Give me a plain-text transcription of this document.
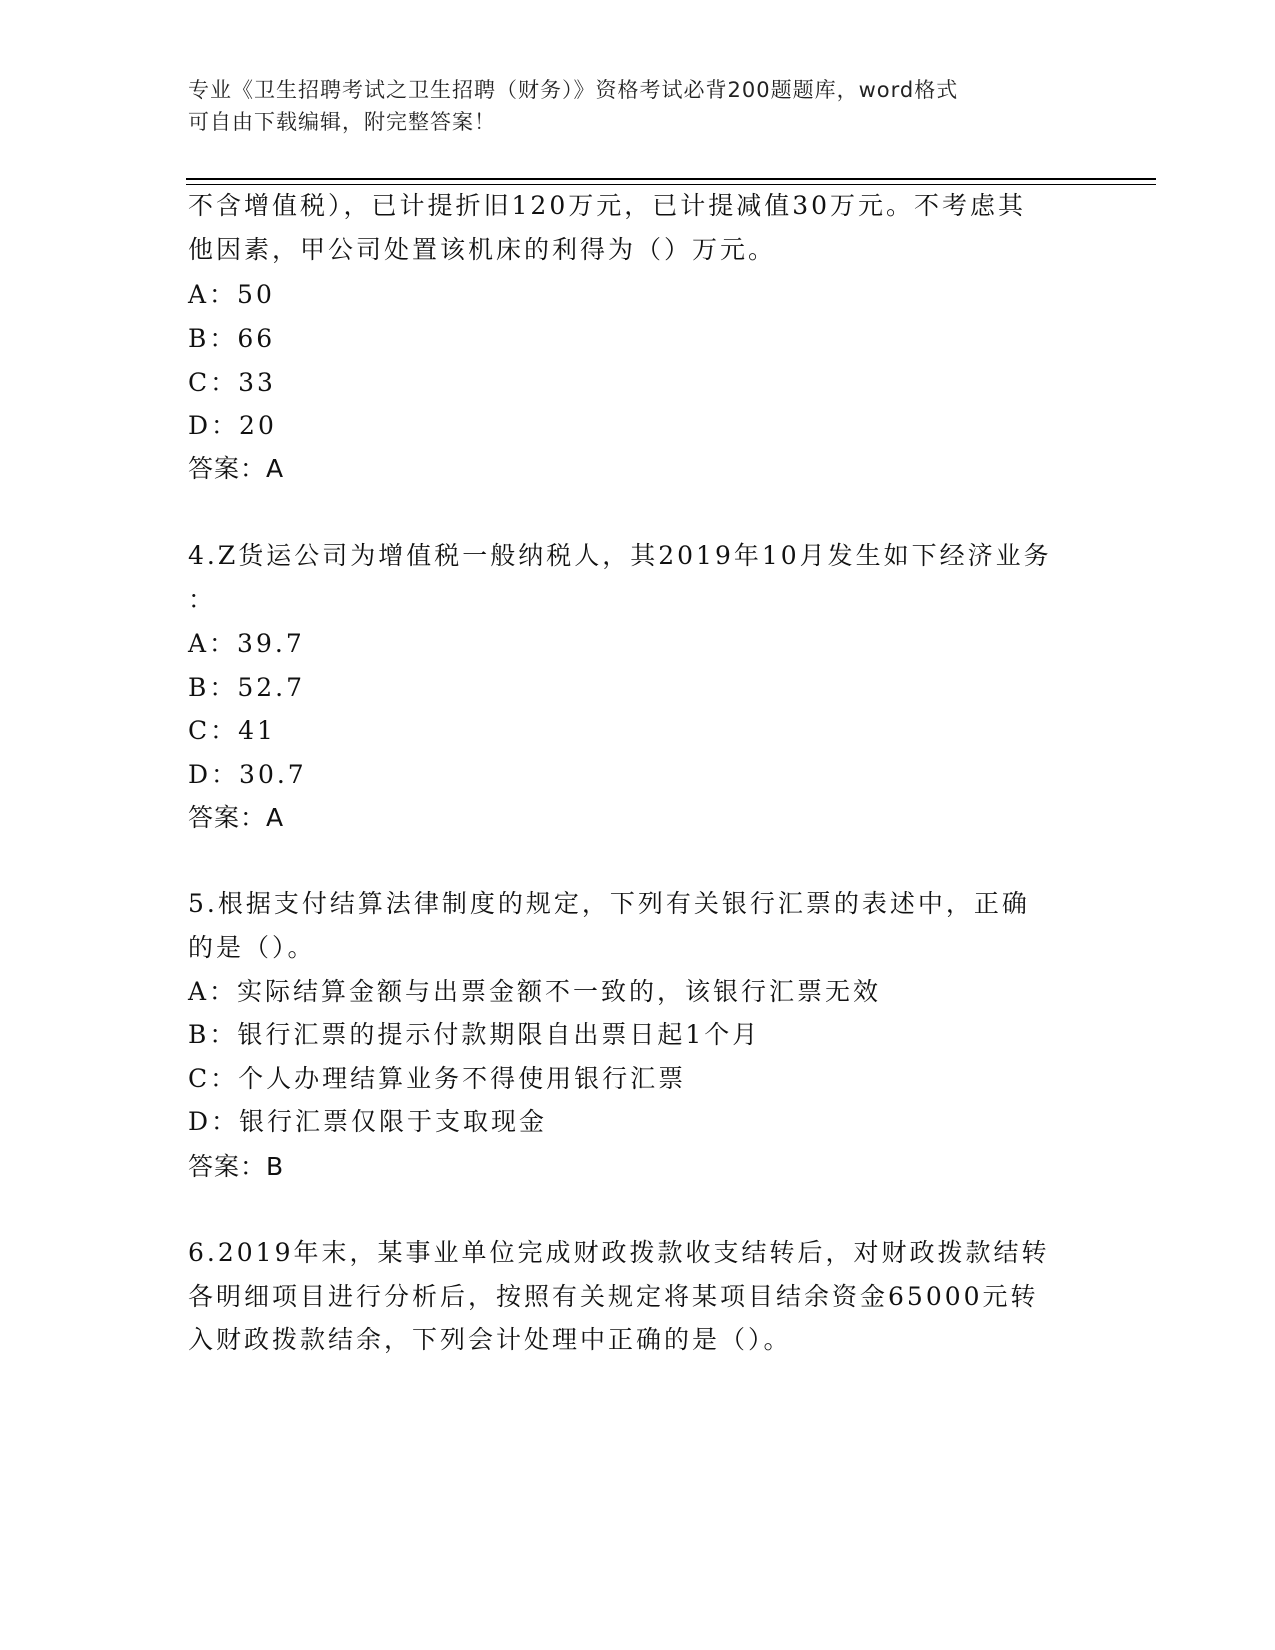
专业《卫生招聘考试之卫生招聘（财务）》资格考试必背200题题库，word格式
可自由下载编辑，附完整答案！
不含增值税），已计提折旧120万元，已计提减值30万元。不考虑其
他因素，甲公司处置该机床的利得为（）万元。
A：50
B：66
C：33
D：20
答案：A
4.Z货运公司为增值税一般纳税人，其2019年10月发生如下经济业务
：
A：39.7
B：52.7
C：41
D：30.7
答案：A
5.根据支付结算法律制度的规定，下列有关银行汇票的表述中，正确
的是（）。
A：实际结算金额与出票金额不一致的，该银行汇票无效
B：银行汇票的提示付款期限自出票日起1个月
C：个人办理结算业务不得使用银行汇票
D：银行汇票仅限于支取现金
答案：B
6.2019年末，某事业单位完成财政拨款收支结转后，对财政拨款结转
各明细项目进行分析后，按照有关规定将某项目结余资金65000元转
入财政拨款结余，下列会计处理中正确的是（）。
